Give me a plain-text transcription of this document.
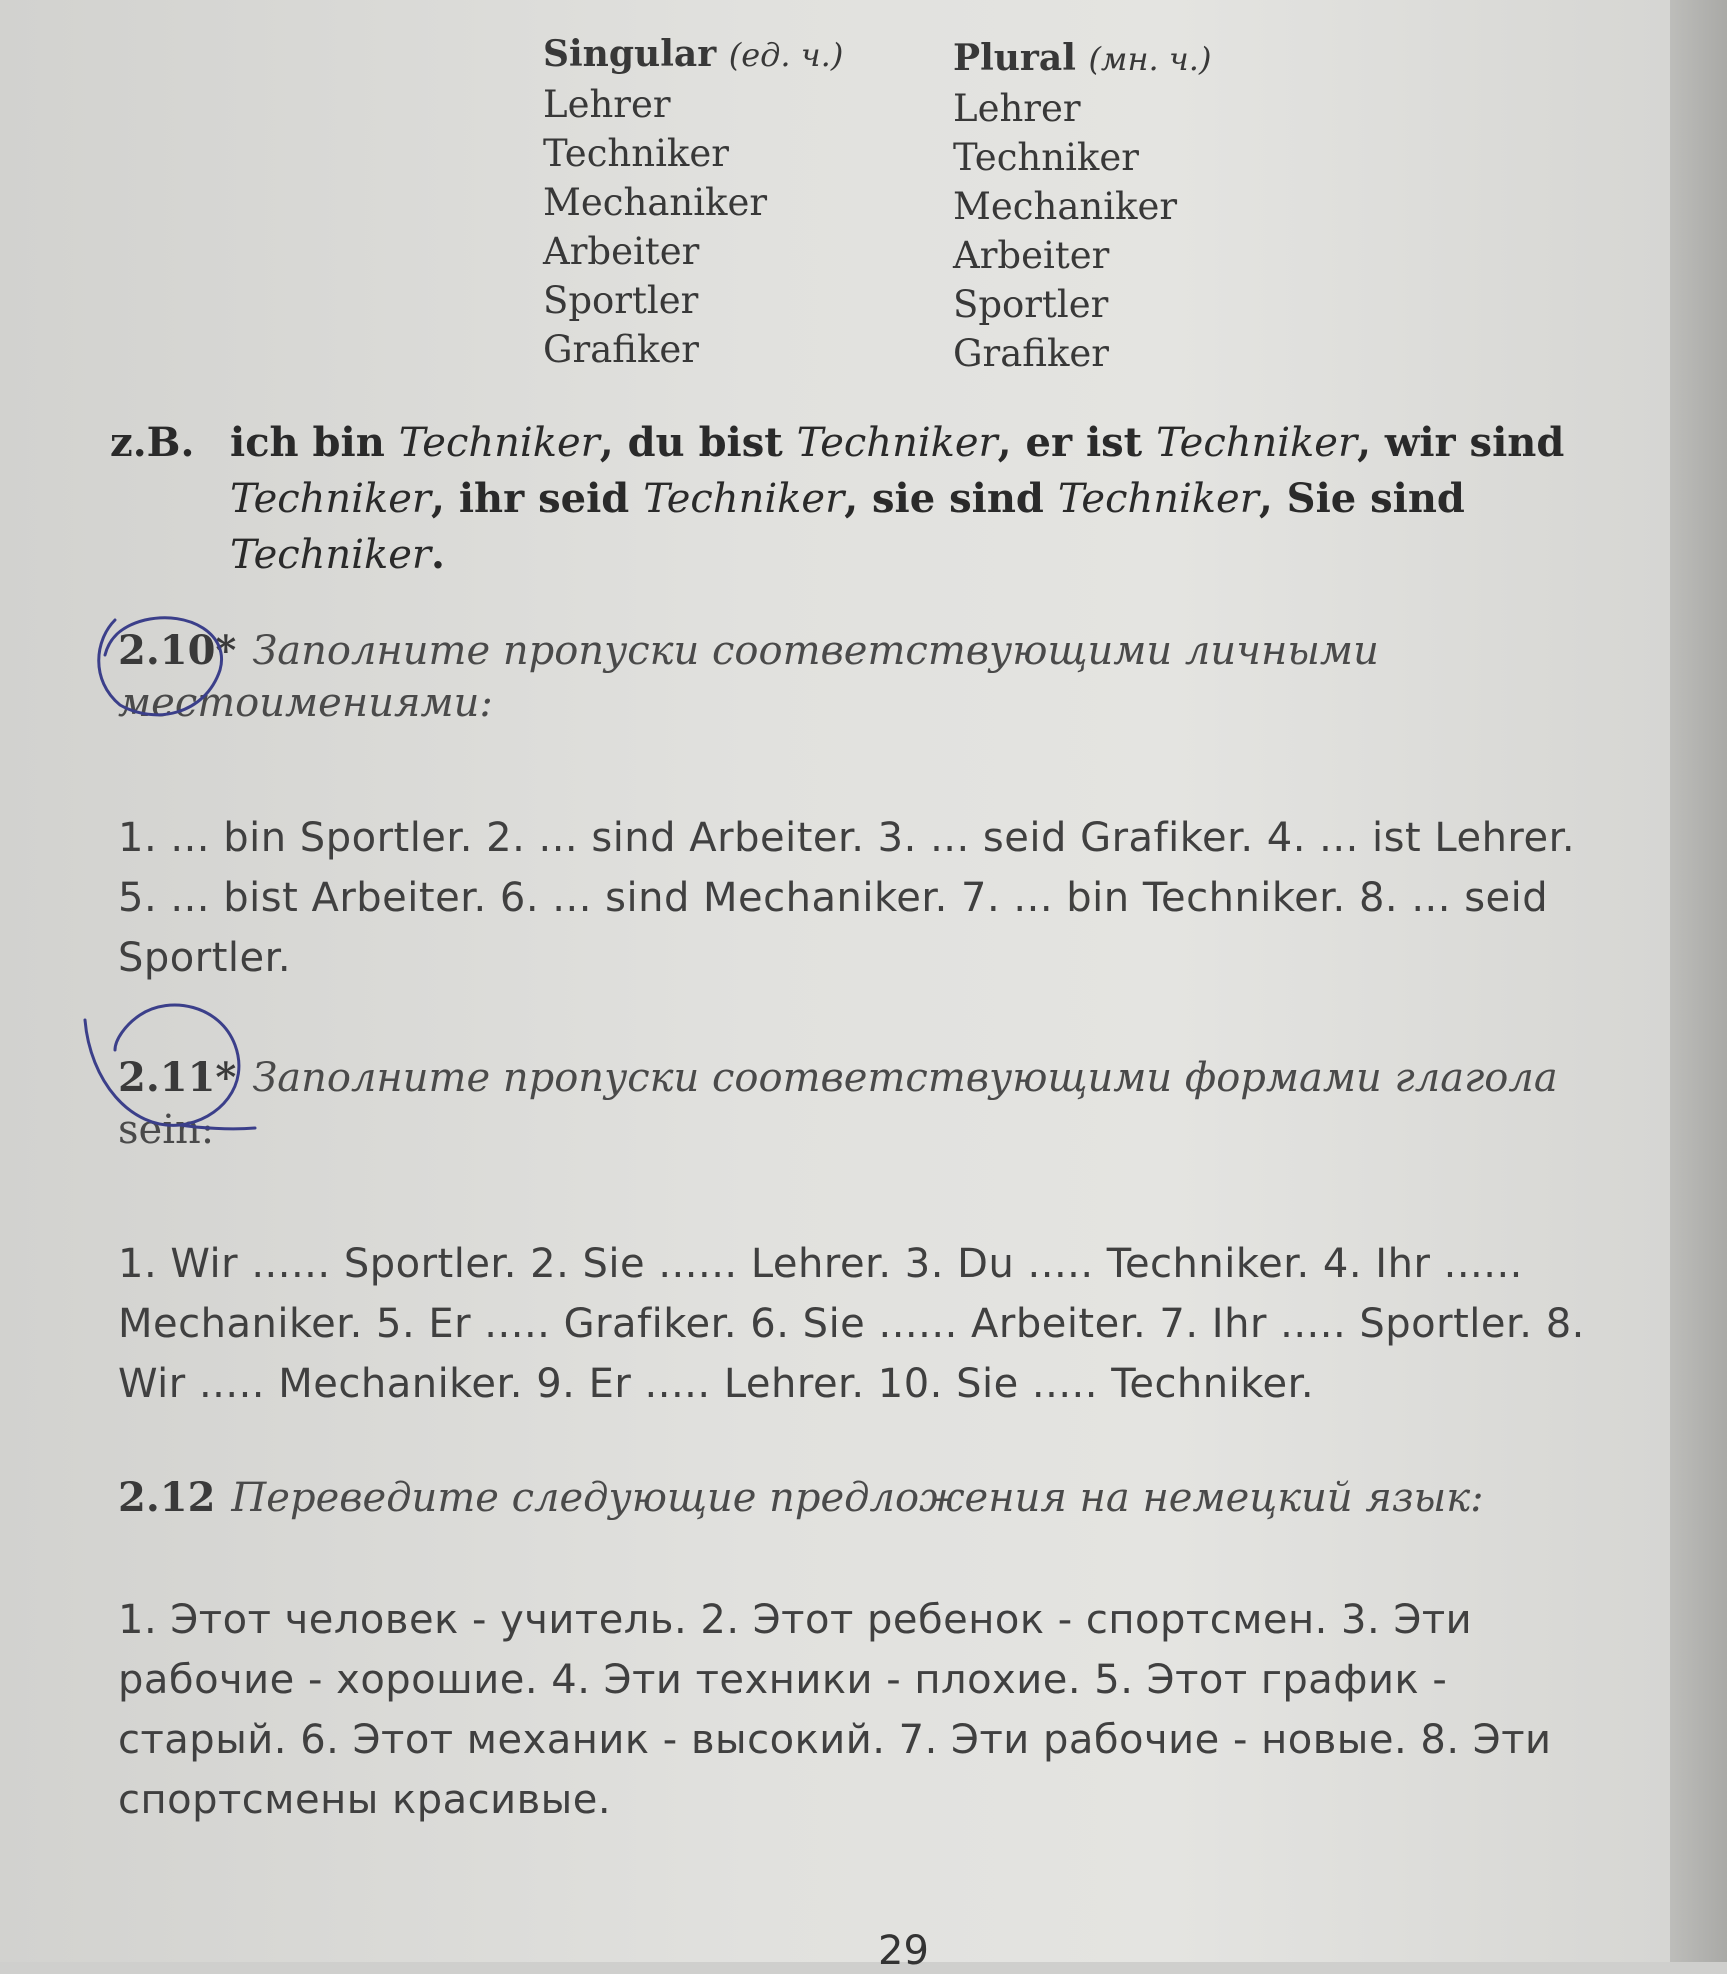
Singular (ед. ч.)
Lehrer
Techniker
Mechaniker
Arbeiter
Sportler
Grafiker
Plural (мн. ч.)
Lehrer
Techniker
Mechaniker
Arbeiter
Sportler
Grafiker
z.B. ich bin Techniker, du bist Techniker, er ist Techniker, wir sind Techniker, ihr seid Techniker, sie sind Techniker, Sie sind Techniker.
2.10* Заполните пропуски соответствующими личными местоимениями:
1. ... bin Sportler. 2. ... sind Arbeiter. 3. ... seid Grafiker. 4. ... ist Lehrer. 5. ... bist Arbeiter. 6. ... sind Mechaniker. 7. ... bin Techniker. 8. ... seid Sportler.
2.11* Заполните пропуски соответствующими формами глагола sein:
1. Wir ...... Sportler. 2. Sie ...... Lehrer. 3. Du ..... Techniker. 4. Ihr ...... Mechaniker. 5. Er ..... Grafiker. 6. Sie ...... Arbeiter. 7. Ihr ..... Sportler. 8. Wir ..... Mechaniker. 9. Er ..... Lehrer. 10. Sie ..... Techniker.
2.12 Переведите следующие предложения на немецкий язык:
1. Этот человек - учитель. 2. Этот ребенок - спортсмен. 3. Эти рабочие - хорошие. 4. Эти техники - плохие. 5. Этот график - старый. 6. Этот механик - высокий. 7. Эти рабочие - новые. 8. Эти спортсмены красивые.
29
